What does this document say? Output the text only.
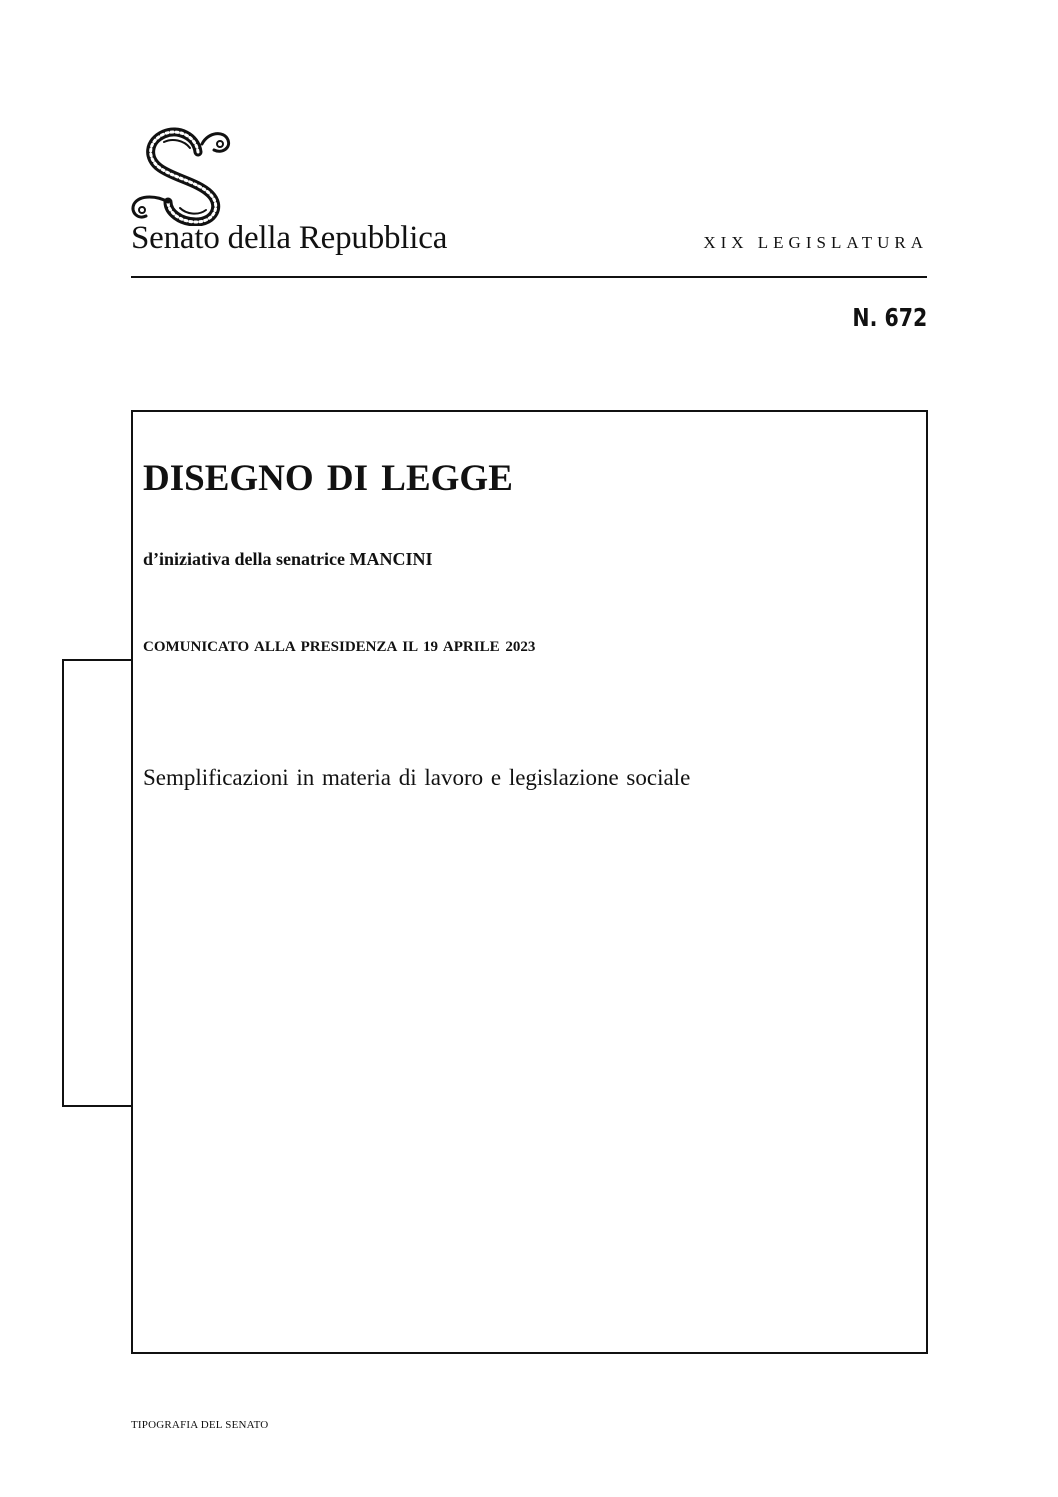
Senato della Repubblica	XIX LEGISLATURA
N. 672
DISEGNO DI LEGGE
d’iniziativa della senatrice MANCINI
COMUNICATO ALLA PRESIDENZA IL 19 APRILE 2023
Semplificazioni in materia di lavoro e legislazione sociale
TIPOGRAFIA DEL SENATO
